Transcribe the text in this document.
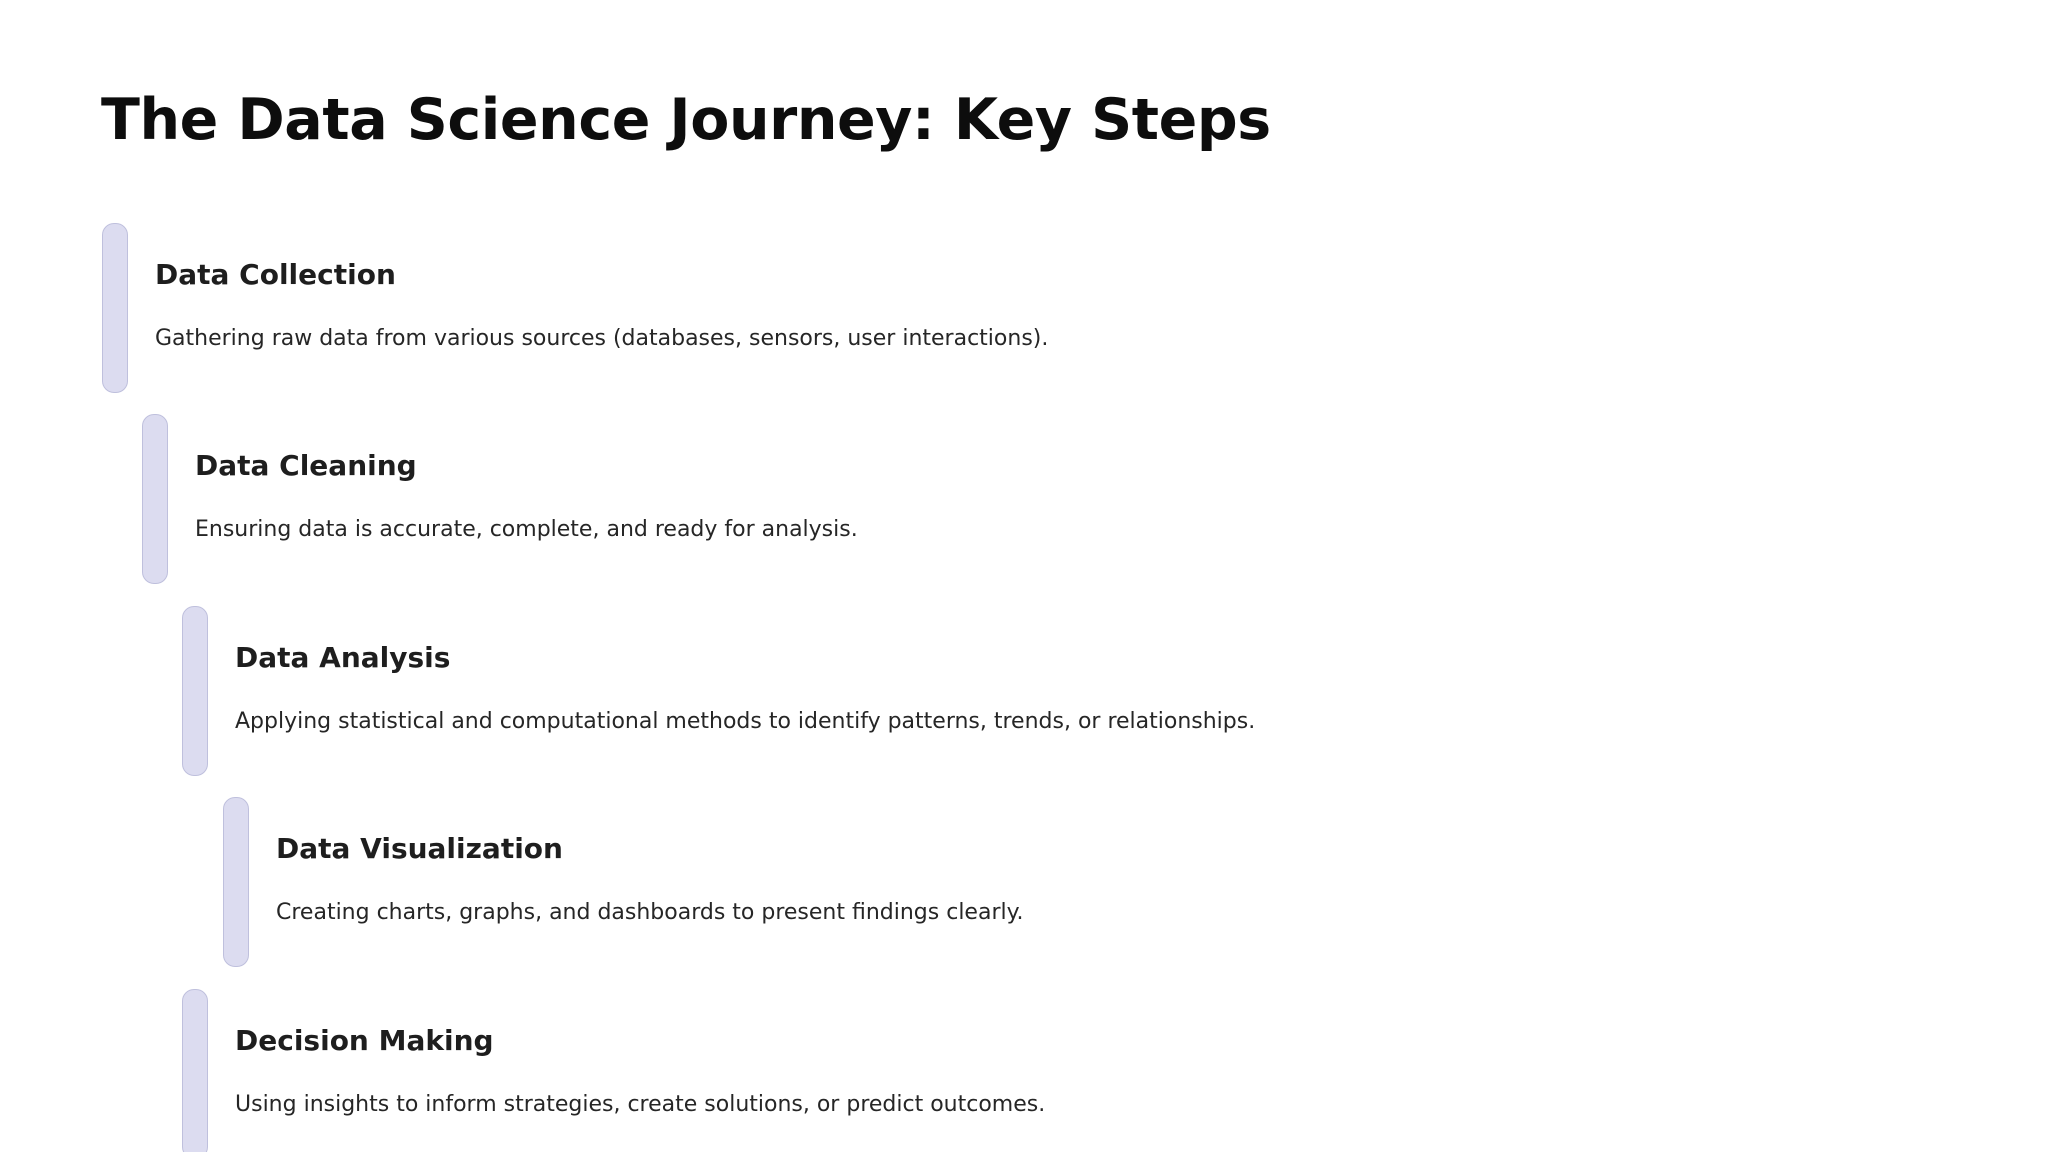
The Data Science Journey: Key Steps
Data Collection

Gathering raw data from various sources (databases, sensors, user interactions).

Data Cleaning

Ensuring data is accurate, complete, and ready for analysis.

Data Analysis

Applying statistical and computational methods to identify patterns, trends, or relationships.

Data Visualization

Creating charts, graphs, and dashboards to present findings clearly.

Decision Making

Using insights to inform strategies, create solutions, or predict outcomes.
